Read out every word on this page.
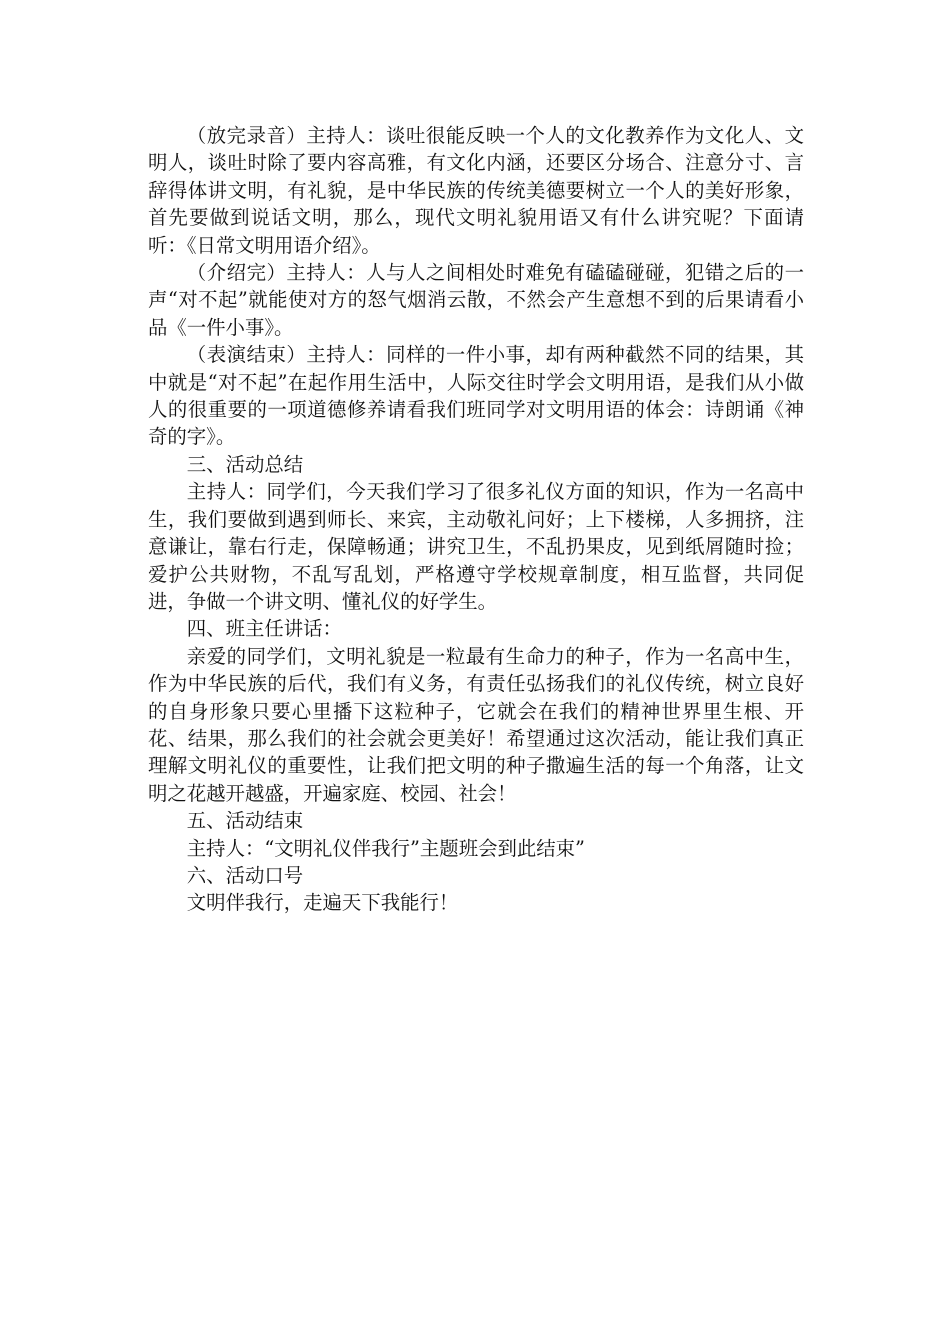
（放完录音）主持人：谈吐很能反映一个人的文化教养作为文化人、文明人，谈吐时除了要内容高雅，有文化内涵，还要区分场合、注意分寸、言辞得体讲文明，有礼貌，是中华民族的传统美德要树立一个人的美好形象，首先要做到说话文明，那么，现代文明礼貌用语又有什么讲究呢？下面请听：《日常文明用语介绍》。

（介绍完）主持人：人与人之间相处时难免有磕磕碰碰，犯错之后的一声“对不起”就能使对方的怒气烟消云散，不然会产生意想不到的后果请看小品《一件小事》。

（表演结束）主持人：同样的一件小事，却有两种截然不同的结果，其中就是“对不起”在起作用生活中，人际交往时学会文明用语，是我们从小做人的很重要的一项道德修养请看我们班同学对文明用语的体会：诗朗诵《神奇的字》。

三、活动总结

主持人：同学们，今天我们学习了很多礼仪方面的知识，作为一名高中生，我们要做到遇到师长、来宾，主动敬礼问好；上下楼梯，人多拥挤，注意谦让，靠右行走，保障畅通；讲究卫生，不乱扔果皮，见到纸屑随时捡；爱护公共财物，不乱写乱划，严格遵守学校规章制度，相互监督，共同促进，争做一个讲文明、懂礼仪的好学生。

四、班主任讲话：

亲爱的同学们，文明礼貌是一粒最有生命力的种子，作为一名高中生，作为中华民族的后代，我们有义务，有责任弘扬我们的礼仪传统，树立良好的自身形象只要心里播下这粒种子，它就会在我们的精神世界里生根、开花、结果，那么我们的社会就会更美好！希望通过这次活动，能让我们真正理解文明礼仪的重要性，让我们把文明的种子撒遍生活的每一个角落，让文明之花越开越盛，开遍家庭、校园、社会！

五、活动结束

主持人：“文明礼仪伴我行”主题班会到此结束”

六、活动口号

文明伴我行，走遍天下我能行！
